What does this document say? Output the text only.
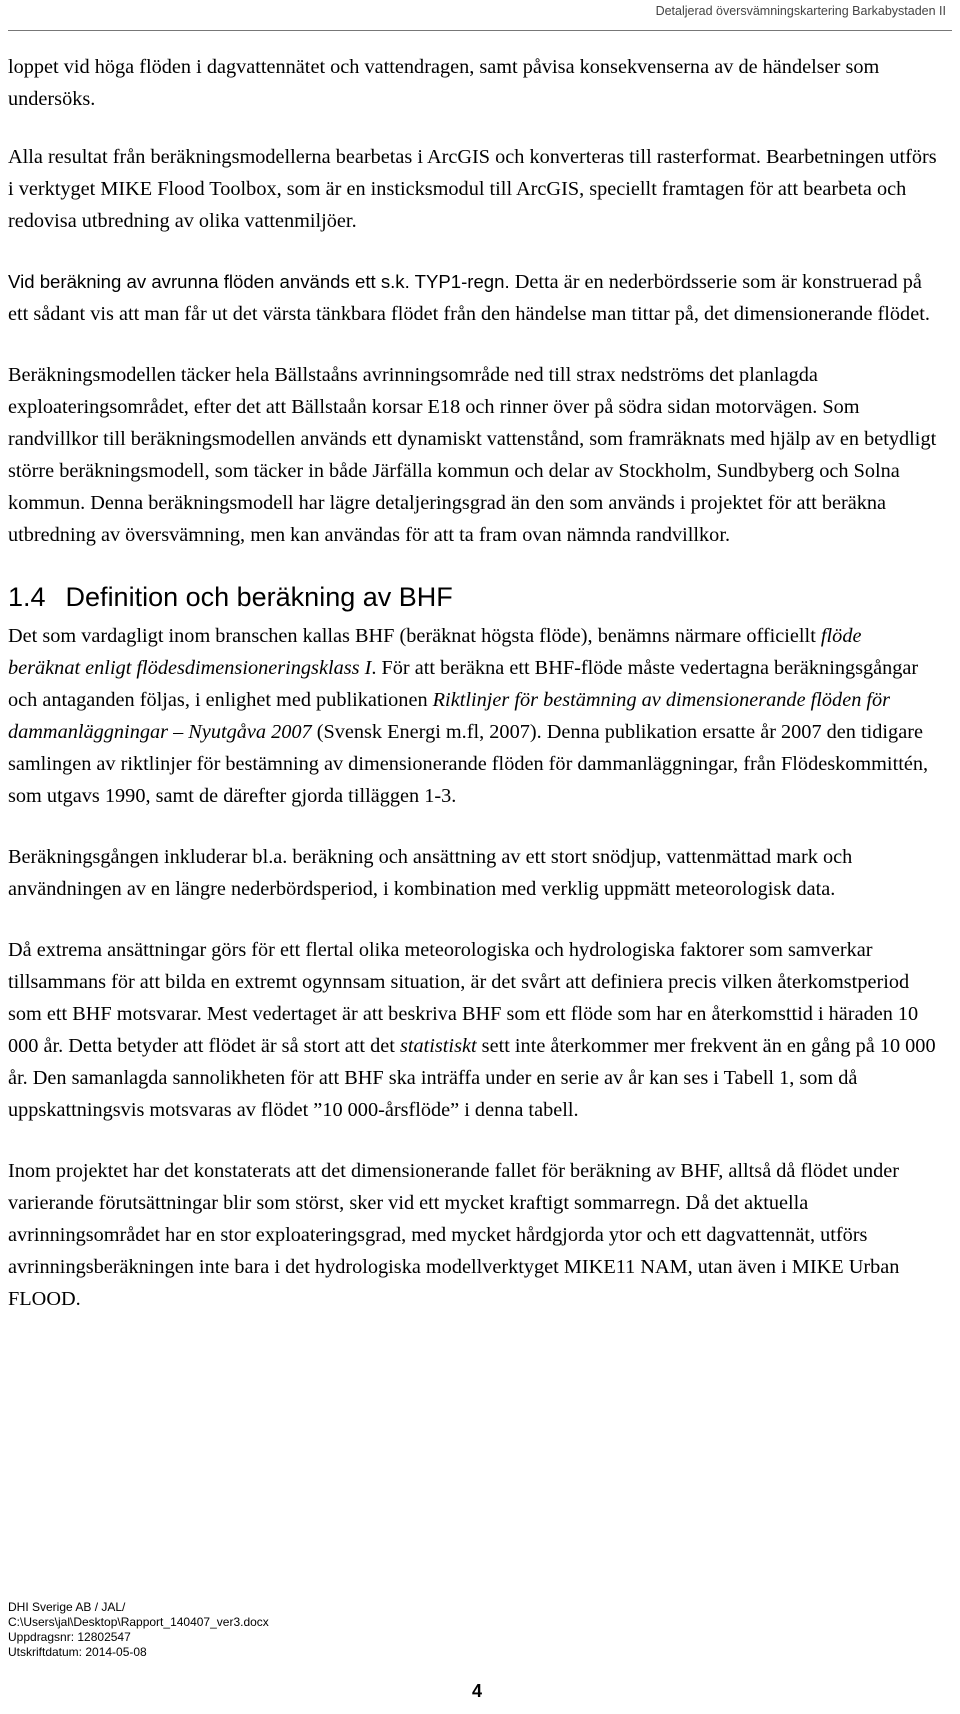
Detaljerad översvämningskartering Barkabystaden II

loppet vid höga flöden i dagvattennätet och vattendragen, samt påvisa konsekvenserna av de händelser som undersöks.

Alla resultat från beräkningsmodellerna bearbetas i ArcGIS och konverteras till rasterformat. Bearbetningen utförs i verktyget MIKE Flood Toolbox, som är en insticksmodul till ArcGIS, speciellt framtagen för att bearbeta och redovisa utbredning av olika vattenmiljöer.

Vid beräkning av avrunna flöden används ett s.k. TYP1-regn. Detta är en nederbördsserie som är konstruerad på ett sådant vis att man får ut det värsta tänkbara flödet från den händelse man tittar på, det dimensionerande flödet.

Beräkningsmodellen täcker hela Bällstaåns avrinningsområde ned till strax nedströms det planlagda exploateringsområdet, efter det att Bällstaån korsar E18 och rinner över på södra sidan motorvägen. Som randvillkor till beräkningsmodellen används ett dynamiskt vattenstånd, som framräknats med hjälp av en betydligt större beräkningsmodell, som täcker in både Järfälla kommun och delar av Stockholm, Sundbyberg och Solna kommun. Denna beräkningsmodell har lägre detaljeringsgrad än den som används i projektet för att beräkna utbredning av översvämning, men kan användas för att ta fram ovan nämnda randvillkor.

1.4 Definition och beräkning av BHF

Det som vardagligt inom branschen kallas BHF (beräknat högsta flöde), benämns närmare officiellt flöde beräknat enligt flödesdimensioneringsklass I. För att beräkna ett BHF-flöde måste vedertagna beräkningsgångar och antaganden följas, i enlighet med publikationen Riktlinjer för bestämning av dimensionerande flöden för dammanläggningar – Nyutgåva 2007 (Svensk Energi m.fl, 2007). Denna publikation ersatte år 2007 den tidigare samlingen av riktlinjer för bestämning av dimensionerande flöden för dammanläggningar, från Flödeskommittén, som utgavs 1990, samt de därefter gjorda tilläggen 1-3.

Beräkningsgången inkluderar bl.a. beräkning och ansättning av ett stort snödjup, vattenmättad mark och användningen av en längre nederbördsperiod, i kombination med verklig uppmätt meteorologisk data.

Då extrema ansättningar görs för ett flertal olika meteorologiska och hydrologiska faktorer som samverkar tillsammans för att bilda en extremt ogynnsam situation, är det svårt att definiera precis vilken återkomstperiod som ett BHF motsvarar. Mest vedertaget är att beskriva BHF som ett flöde som har en återkomsttid i häraden 10 000 år. Detta betyder att flödet är så stort att det statistiskt sett inte återkommer mer frekvent än en gång på 10 000 år. Den samanlagda sannolikheten för att BHF ska inträffa under en serie av år kan ses i Tabell 1, som då uppskattningsvis motsvaras av flödet ”10 000-årsflöde” i denna tabell.

Inom projektet har det konstaterats att det dimensionerande fallet för beräkning av BHF, alltså då flödet under varierande förutsättningar blir som störst, sker vid ett mycket kraftigt sommarregn. Då det aktuella avrinningsområdet har en stor exploateringsgrad, med mycket hårdgjorda ytor och ett dagvattennät, utförs avrinningsberäkningen inte bara i det hydrologiska modellverktyget MIKE11 NAM, utan även i MIKE Urban FLOOD.

DHI Sverige AB / JAL/
C:\Users\jal\Desktop\Rapport_140407_ver3.docx
Uppdragsnr: 12802547
Utskriftdatum: 2014-05-08
4
